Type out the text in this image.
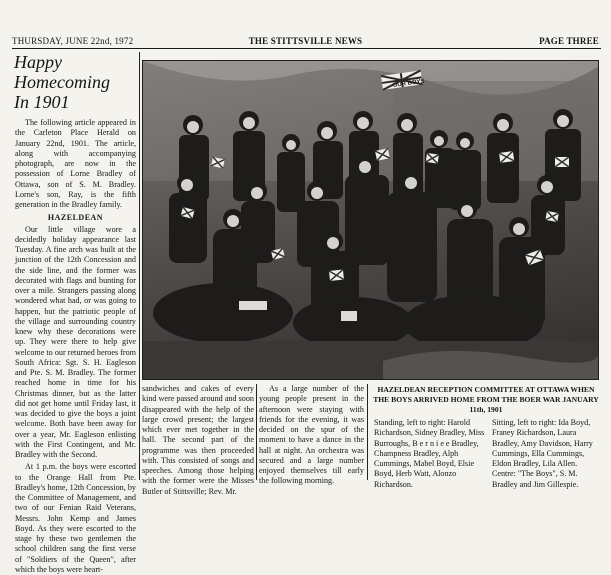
THURSDAY, JUNE 22nd, 1972	THE STITTSVILLE NEWS	PAGE THREE
Happy
Homecoming
In 1901

The following article appeared in the Carleton Place Herald on January 22nd, 1901. The article, along with accompanying photograph, are now in the possession of Lorne Bradley of Ottawa, son of S. M. Bradley. Lorne's son, Ray, is the fifth generation in the Bradley family.

HAZELDEAN

Our little village wore a decidedly holiday appearance last Tuesday. A fine arch was built at the junction of the 12th Concession and the side line, and the former was decorated with flags and bunting for over a mile. Strangers passing along wondered what had, or was going to happen, but the patriotic people of the village and surrounding country knew why these decorations were up. They were there to help give welcome to our returned heroes from South Africa: Sgt. S. H. Eagleson and Pte. S. M. Bradley. The former reached home in time for his Christmas dinner, but as the latter did not get home until Friday last, it was decided to give the boys a joint welcome. Both have been away for over a year, Mr. Eagleson enlisting with the First Contingent, and Mr. Bradley with the Second.

At 1 p.m. the boys were escorted to the Orange Hall from Pte. Bradley's home, 12th Concession, by the Committee of Management, and two of our Fenian Raid Veterans, Messrs. John Kemp and James Boyd. As they were escorted to the stage by these two gentlemen the school children sang the first verse of "Soldiers of the Queen", after which the boys were heart-

OUR BOYS

sandwiches and cakes of every kind were passed around and soon disappeared with the help of the large crowd present; the largest which ever met together in the hall. The second part of the programme was then proceeded with. This consisted of songs and speeches. Among those helping with the former were the Misses Butler of Stittsville; Rev. Mr.

As a large number of the young people present in the afternoon were staying with friends for the evening, it was decided on the spur of the moment to have a dance in the hall at night. An orchestra was secured and a large number enjoyed themselves till early the following morning.

HAZELDEAN RECEPTION COMMITTEE AT OTTAWA WHEN THE BOYS ARRIVED HOME FROM THE BOER WAR JANUARY 11th, 1901
Standing, left to right: Harold Richardson, Sidney Bradley, Miss Burroughs, B e r n i e e Bradley, Champness Bradley, Alph Cummings, Mabel Boyd, Elsie Boyd, Herb Watt, Alonzo Richardson.
Sitting, left to right: Ida Boyd, Franey Richardson, Laura Bradley, Amy Davidson, Harry Cummings, Ella Cummings, Eldon Bradley, Lila Allen. Centre: "The Boys", S. M. Bradley and Jim Gillespie.
